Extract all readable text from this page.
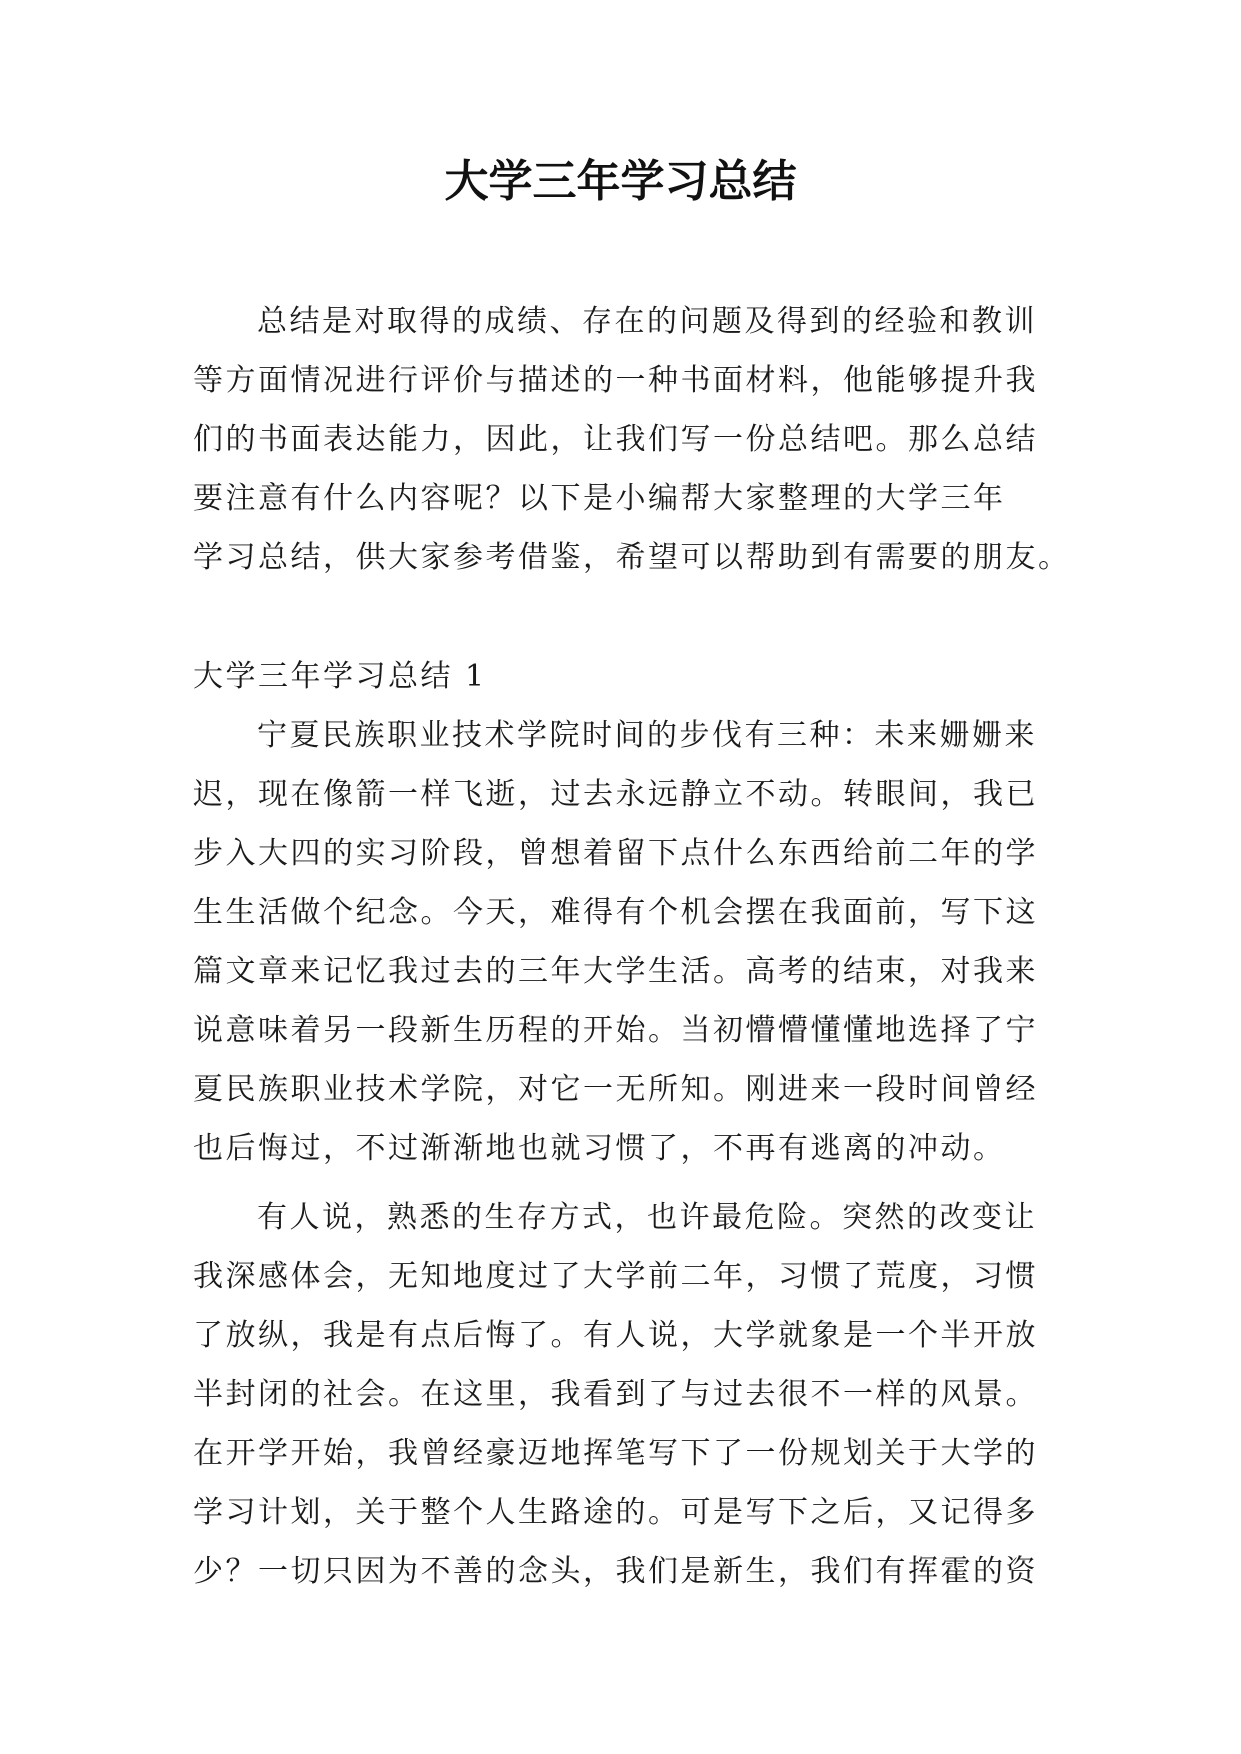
大学三年学习总结
总结是对取得的成绩、存在的问题及得到的经验和教训
等方面情况进行评价与描述的一种书面材料，他能够提升我
们的书面表达能力，因此，让我们写一份总结吧。那么总结
要注意有什么内容呢？以下是小编帮大家整理的大学三年
学习总结，供大家参考借鉴，希望可以帮助到有需要的朋友。
大学三年学习总结 1
宁夏民族职业技术学院时间的步伐有三种：未来姗姗来
迟，现在像箭一样飞逝，过去永远静立不动。转眼间，我已
步入大四的实习阶段，曾想着留下点什么东西给前二年的学
生生活做个纪念。今天，难得有个机会摆在我面前，写下这
篇文章来记忆我过去的三年大学生活。高考的结束，对我来
说意味着另一段新生历程的开始。当初懵懵懂懂地选择了宁
夏民族职业技术学院，对它一无所知。刚进来一段时间曾经
也后悔过，不过渐渐地也就习惯了，不再有逃离的冲动。
有人说，熟悉的生存方式，也许最危险。突然的改变让
我深感体会，无知地度过了大学前二年，习惯了荒度，习惯
了放纵，我是有点后悔了。有人说，大学就象是一个半开放
半封闭的社会。在这里，我看到了与过去很不一样的风景。
在开学开始，我曾经豪迈地挥笔写下了一份规划关于大学的
学习计划，关于整个人生路途的。可是写下之后，又记得多
少？一切只因为不善的念头，我们是新生，我们有挥霍的资
